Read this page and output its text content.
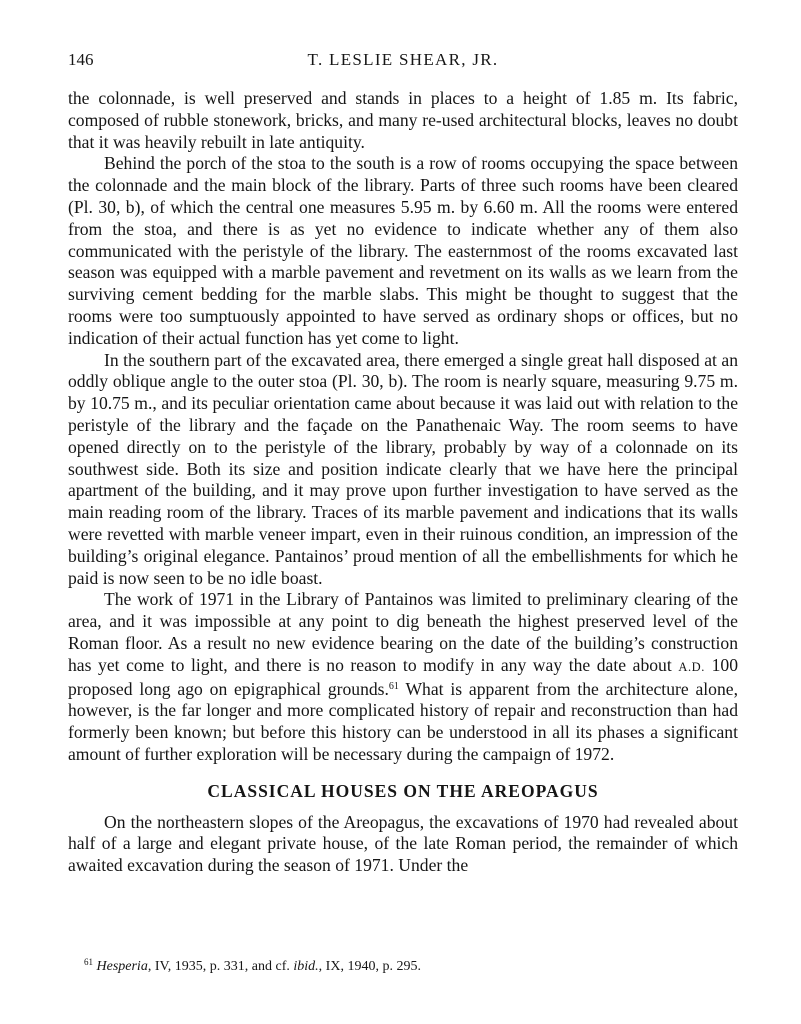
146	T. LESLIE SHEAR, JR.

the colonnade, is well preserved and stands in places to a height of 1.85 m. Its fabric, composed of rubble stonework, bricks, and many re-used architectural blocks, leaves no doubt that it was heavily rebuilt in late antiquity.

Behind the porch of the stoa to the south is a row of rooms occupying the space between the colonnade and the main block of the library. Parts of three such rooms have been cleared (Pl. 30, b), of which the central one measures 5.95 m. by 6.60 m. All the rooms were entered from the stoa, and there is as yet no evidence to indicate whether any of them also communicated with the peristyle of the library. The easternmost of the rooms excavated last season was equipped with a marble pavement and revetment on its walls as we learn from the surviving cement bedding for the marble slabs. This might be thought to suggest that the rooms were too sumptuously appointed to have served as ordinary shops or offices, but no indication of their actual function has yet come to light.

In the southern part of the excavated area, there emerged a single great hall disposed at an oddly oblique angle to the outer stoa (Pl. 30, b). The room is nearly square, measuring 9.75 m. by 10.75 m., and its peculiar orientation came about because it was laid out with relation to the peristyle of the library and the façade on the Panathenaic Way. The room seems to have opened directly on to the peristyle of the library, probably by way of a colonnade on its southwest side. Both its size and position indicate clearly that we have here the principal apartment of the building, and it may prove upon further investigation to have served as the main reading room of the library. Traces of its marble pavement and indications that its walls were revetted with marble veneer impart, even in their ruinous condition, an impression of the building’s original elegance. Pantainos’ proud mention of all the embellishments for which he paid is now seen to be no idle boast.

The work of 1971 in the Library of Pantainos was limited to preliminary clearing of the area, and it was impossible at any point to dig beneath the highest preserved level of the Roman floor. As a result no new evidence bearing on the date of the building’s construction has yet come to light, and there is no reason to modify in any way the date about A.D. 100 proposed long ago on epigraphical grounds.$^{61}$ What is apparent from the architecture alone, however, is the far longer and more complicated history of repair and reconstruction than had formerly been known; but before this history can be understood in all its phases a significant amount of further exploration will be necessary during the campaign of 1972.

CLASSICAL HOUSES ON THE AREOPAGUS

On the northeastern slopes of the Areopagus, the excavations of 1970 had revealed about half of a large and elegant private house, of the late Roman period, the remainder of which awaited excavation during the season of 1971. Under the

$^{61}$ Hesperia, IV, 1935, p. 331, and cf. ibid., IX, 1940, p. 295.
